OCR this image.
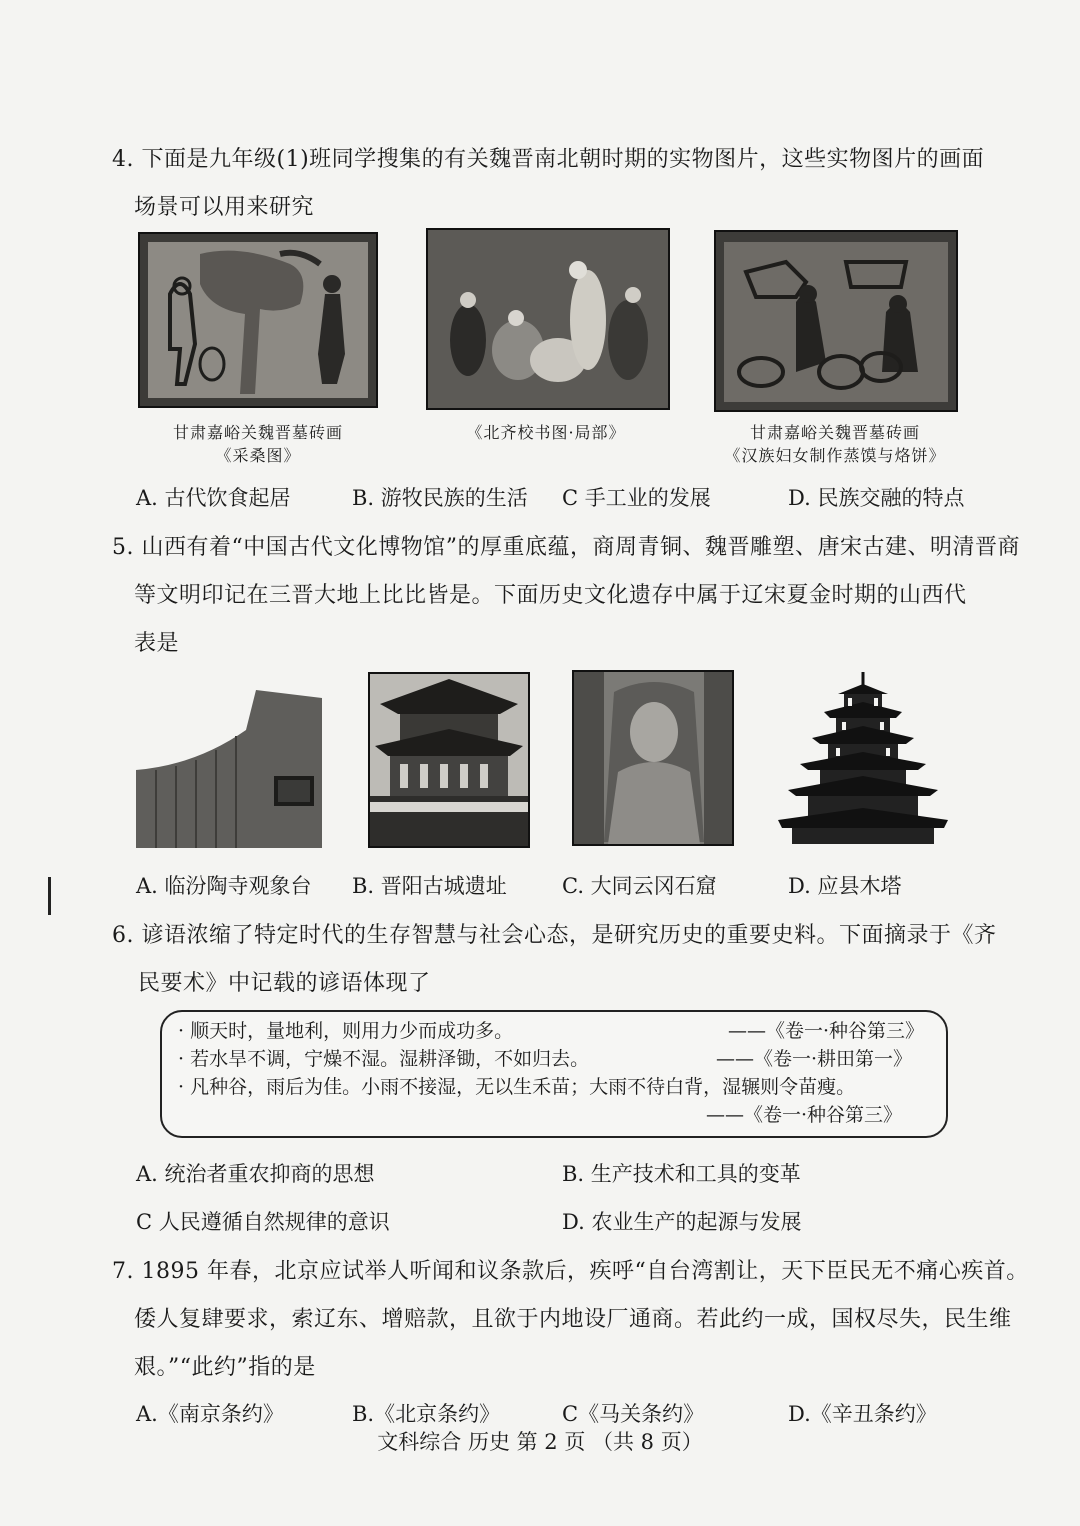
4. 下面是九年级(1)班同学搜集的有关魏晋南北朝时期的实物图片，这些实物图片的画面
场景可以用来研究
甘肃嘉峪关魏晋墓砖画
《采桑图》
《北齐校书图·局部》	甘肃嘉峪关魏晋墓砖画
《汉族妇女制作蒸馍与烙饼》
A. 古代饮食起居	B. 游牧民族的生活 C 手工业的发展	D. 民族交融的特点
5. 山西有着“中国古代文化博物馆”的厚重底蕴，商周青铜、魏晋雕塑、唐宋古建、明清晋商
等文明印记在三晋大地上比比皆是。下面历史文化遗存中属于辽宋夏金时期的山西代
表是
A. 临汾陶寺观象台 B. 晋阳古城遗址	C. 大同云冈石窟	D. 应县木塔
6. 谚语浓缩了特定时代的生存智慧与社会心态，是研究历史的重要史料。下面摘录于《齐
民要术》中记载的谚语体现了
· 顺天时，量地利，则用力少而成功多。	——《卷一·种谷第三》
· 若水旱不调，宁燥不湿。湿耕泽锄，不如归去。	——《卷一·耕田第一》
· 凡种谷，雨后为佳。小雨不接湿，无以生禾苗；大雨不待白背，湿辗则令苗瘦。
——《卷一·种谷第三》
A. 统治者重农抑商的思想	B. 生产技术和工具的变革
C 人民遵循自然规律的意识	D. 农业生产的起源与发展
7. 1895 年春，北京应试举人听闻和议条款后，疾呼“自台湾割让，天下臣民无不痛心疾首。
倭人复肆要求，索辽东、增赔款，且欲于内地设厂通商。若此约一成，国权尽失，民生维
艰。”“此约”指的是
A.《南京条约》	B.《北京条约》	C《马关条约》	D.《辛丑条约》
文科综合 历史 第 2 页 （共 8 页）
